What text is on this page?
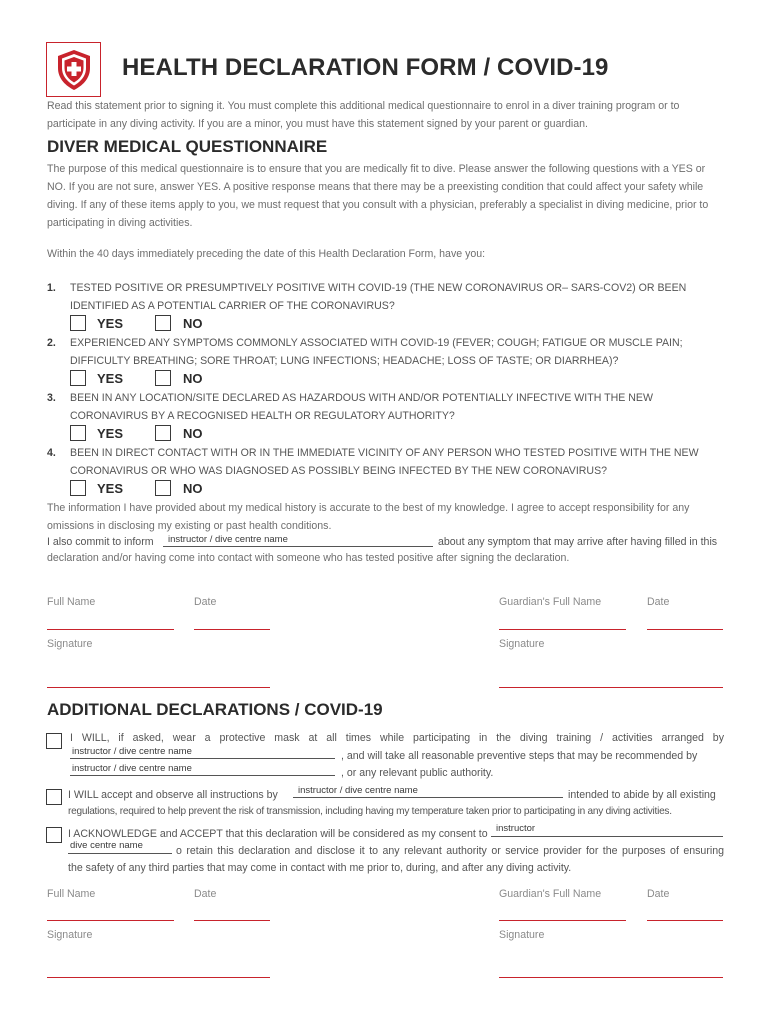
HEALTH DECLARATION FORM / COVID-19
Read this statement prior to signing it. You must complete this additional medical questionnaire to enrol in a diver training program or to
participate in any diving activity. If you are a minor, you must have this statement signed by your parent or guardian.
DIVER MEDICAL QUESTIONNAIRE
The purpose of this medical questionnaire is to ensure that you are medically fit to dive. Please answer the following questions with a YES or
NO. If you are not sure, answer YES. A positive response means that there may be a preexisting condition that could affect your safety while
diving. If any of these items apply to you, we must request that you consult with a physician, preferably a specialist in diving medicine, prior to
participating in diving activities.
Within the 40 days immediately preceding the date of this Health Declaration Form, have you:
1. TESTED POSITIVE OR PRESUMPTIVELY POSITIVE WITH COVID-19 (THE NEW CORONAVIRUS OR– SARS-COV2) OR BEEN
IDENTIFIED AS A POTENTIAL CARRIER OF THE CORONAVIRUS?
YES	NO
2. EXPERIENCED ANY SYMPTOMS COMMONLY ASSOCIATED WITH COVID-19 (FEVER; COUGH; FATIGUE OR MUSCLE PAIN;
DIFFICULTY BREATHING; SORE THROAT; LUNG INFECTIONS; HEADACHE; LOSS OF TASTE; OR DIARRHEA)?
YES	NO
3. BEEN IN ANY LOCATION/SITE DECLARED AS HAZARDOUS WITH AND/OR POTENTIALLY INFECTIVE WITH THE NEW
CORONAVIRUS BY A RECOGNISED HEALTH OR REGULATORY AUTHORITY?
YES	NO
4. BEEN IN DIRECT CONTACT WITH OR IN THE IMMEDIATE VICINITY OF ANY PERSON WHO TESTED POSITIVE WITH THE NEW
CORONAVIRUS OR WHO WAS DIAGNOSED AS POSSIBLY BEING INFECTED BY THE NEW CORONAVIRUS?
YES	NO
The information I have provided about my medical history is accurate to the best of my knowledge. I agree to accept responsibility for any
omissions in disclosing my existing or past health conditions.
I also commit to inform instructor / dive centre name	about any symptom that may arrive after having filled in this
declaration and/or having come into contact with someone who has tested positive after signing the declaration.
Full Name	Date	Guardian's Full Name	Date
Signature	Signature
ADDITIONAL DECLARATIONS / COVID-19
I WILL, if asked, wear a protective mask at all times while participating in the diving training / activities arranged by
instructor / dive centre name	, and will take all reasonable preventive steps that may be recommended by
instructor / dive centre name	, or any relevant public authority.
I WILL accept and observe all instructions by instructor / dive centre name	intended to abide by all existing
regulations, required to help prevent the risk of transmission, including having my temperature taken prior to participating in any diving activities.
I ACKNOWLEDGE and ACCEPT that this declaration will be considered as my consent to instructor
dive centre name	o retain this declaration and disclose it to any relevant authority or service provider for the purposes of ensuring
the safety of any third parties that may come in contact with me prior to, during, and after any diving activity.
Full Name	Date	Guardian's Full Name	Date
Signature	Signature
